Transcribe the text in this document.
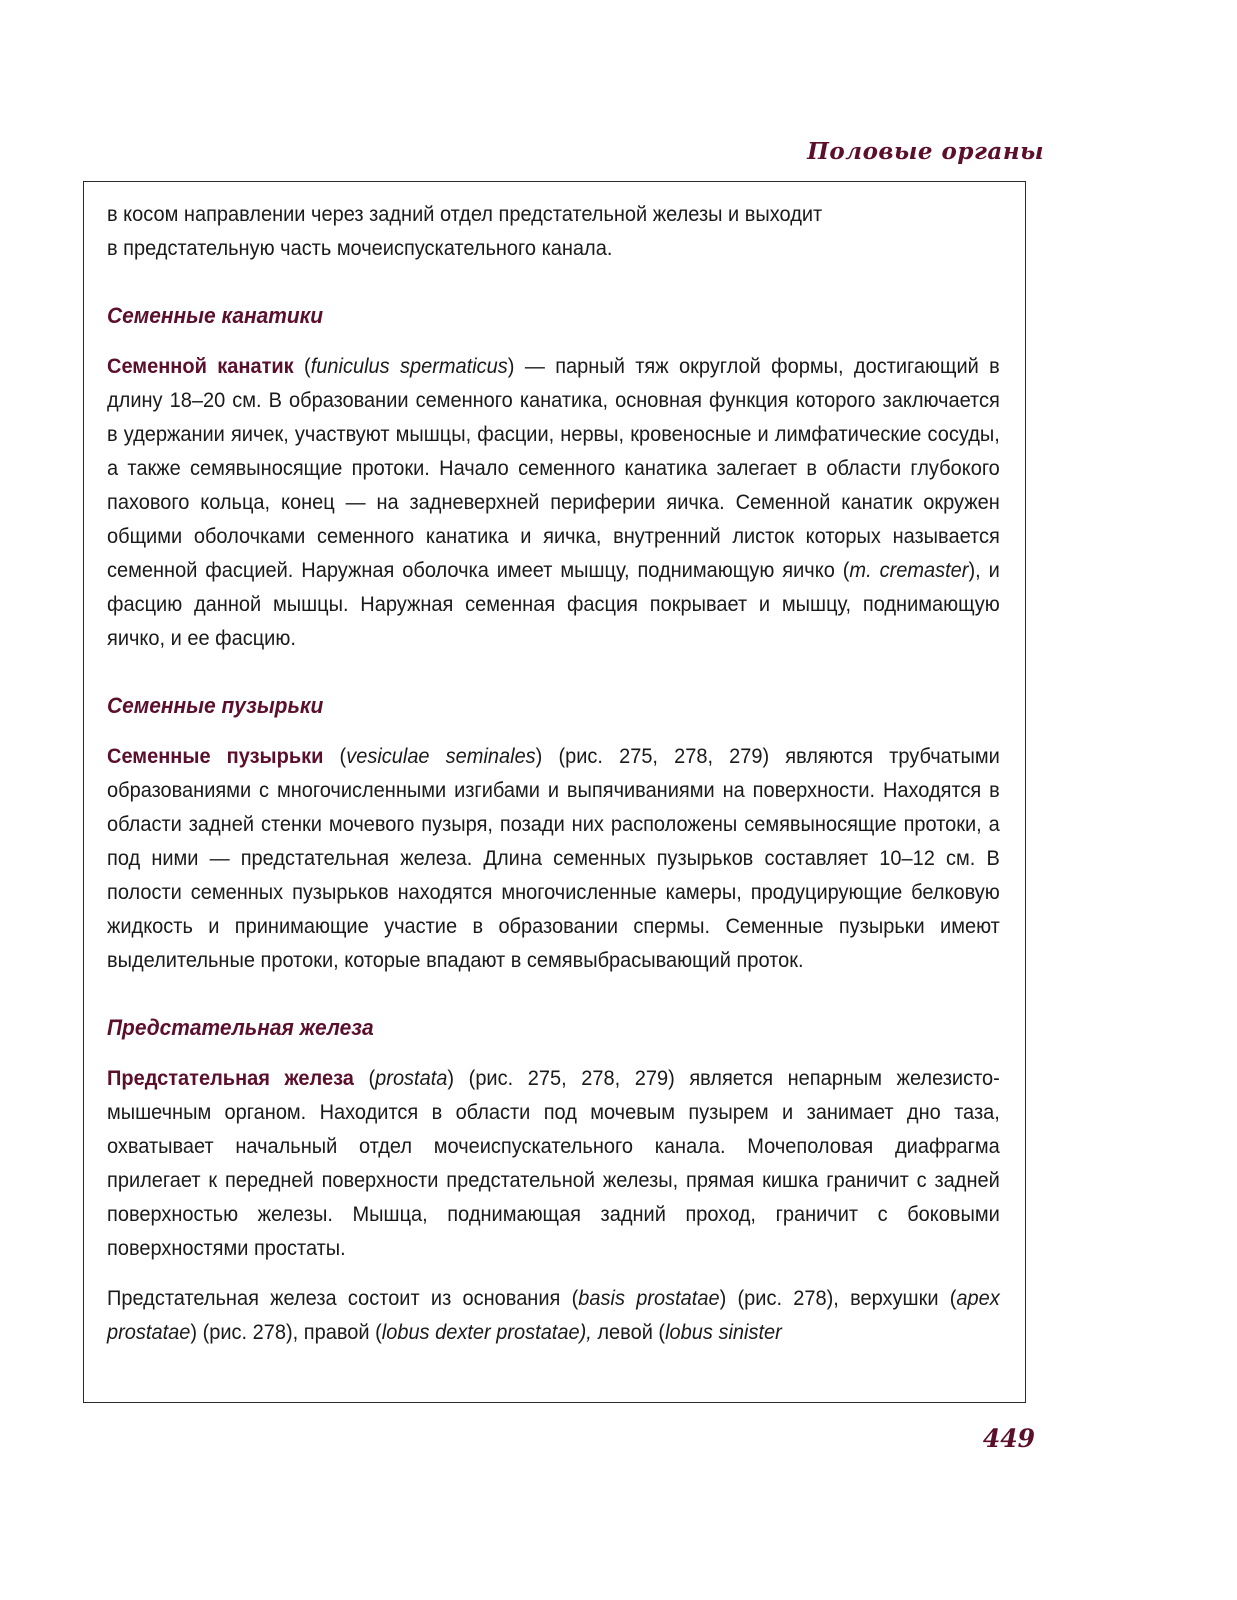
Половые органы

в косом направлении через задний отдел предстательной железы и выходит
в предстательную часть мочеиспускательного канала.

Семенные канатики

Семенной канатик (funiculus spermaticus) — парный тяж округлой формы, достигающий в длину 18–20 см. В образовании семенного канатика, основная функция которого заключается в удержании яичек, участвуют мышцы, фасции, нервы, кровеносные и лимфатические сосуды, а также семявыносящие протоки. Начало семенного канатика залегает в области глубокого пахового кольца, конец — на задневерхней периферии яичка. Семенной канатик окружен общими оболочками семенного канатика и яичка, внутренний листок которых называется семенной фасцией. Наружная оболочка имеет мышцу, поднимающую яичко (m. cremaster), и фасцию данной мышцы. Наружная семенная фасция покрывает и мышцу, поднимающую яичко, и ее фасцию.

Семенные пузырьки

Семенные пузырьки (vesiculae seminales) (рис. 275, 278, 279) являются трубчатыми образованиями с многочисленными изгибами и выпячиваниями на поверхности. Находятся в области задней стенки мочевого пузыря, позади них расположены семявыносящие протоки, а под ними — предстательная железа. Длина семенных пузырьков составляет 10–12 см. В полости семенных пузырьков находятся многочисленные камеры, продуцирующие белковую жидкость и принимающие участие в образовании спермы. Семенные пузырьки имеют выделительные протоки, которые впадают в семявыбрасывающий проток.

Предстательная железа

Предстательная железа (prostata) (рис. 275, 278, 279) является непарным железисто-мышечным органом. Находится в области под мочевым пузырем и занимает дно таза, охватывает начальный отдел мочеиспускательного канала. Мочеполовая диафрагма прилегает к передней поверхности предстательной железы, прямая кишка граничит с задней поверхностью железы. Мышца, поднимающая задний проход, граничит с боковыми поверхностями простаты.

Предстательная железа состоит из основания (basis prostatae) (рис. 278), верхушки (apex prostatae) (рис. 278), правой (lobus dexter prostatae), левой (lobus sinister

449
